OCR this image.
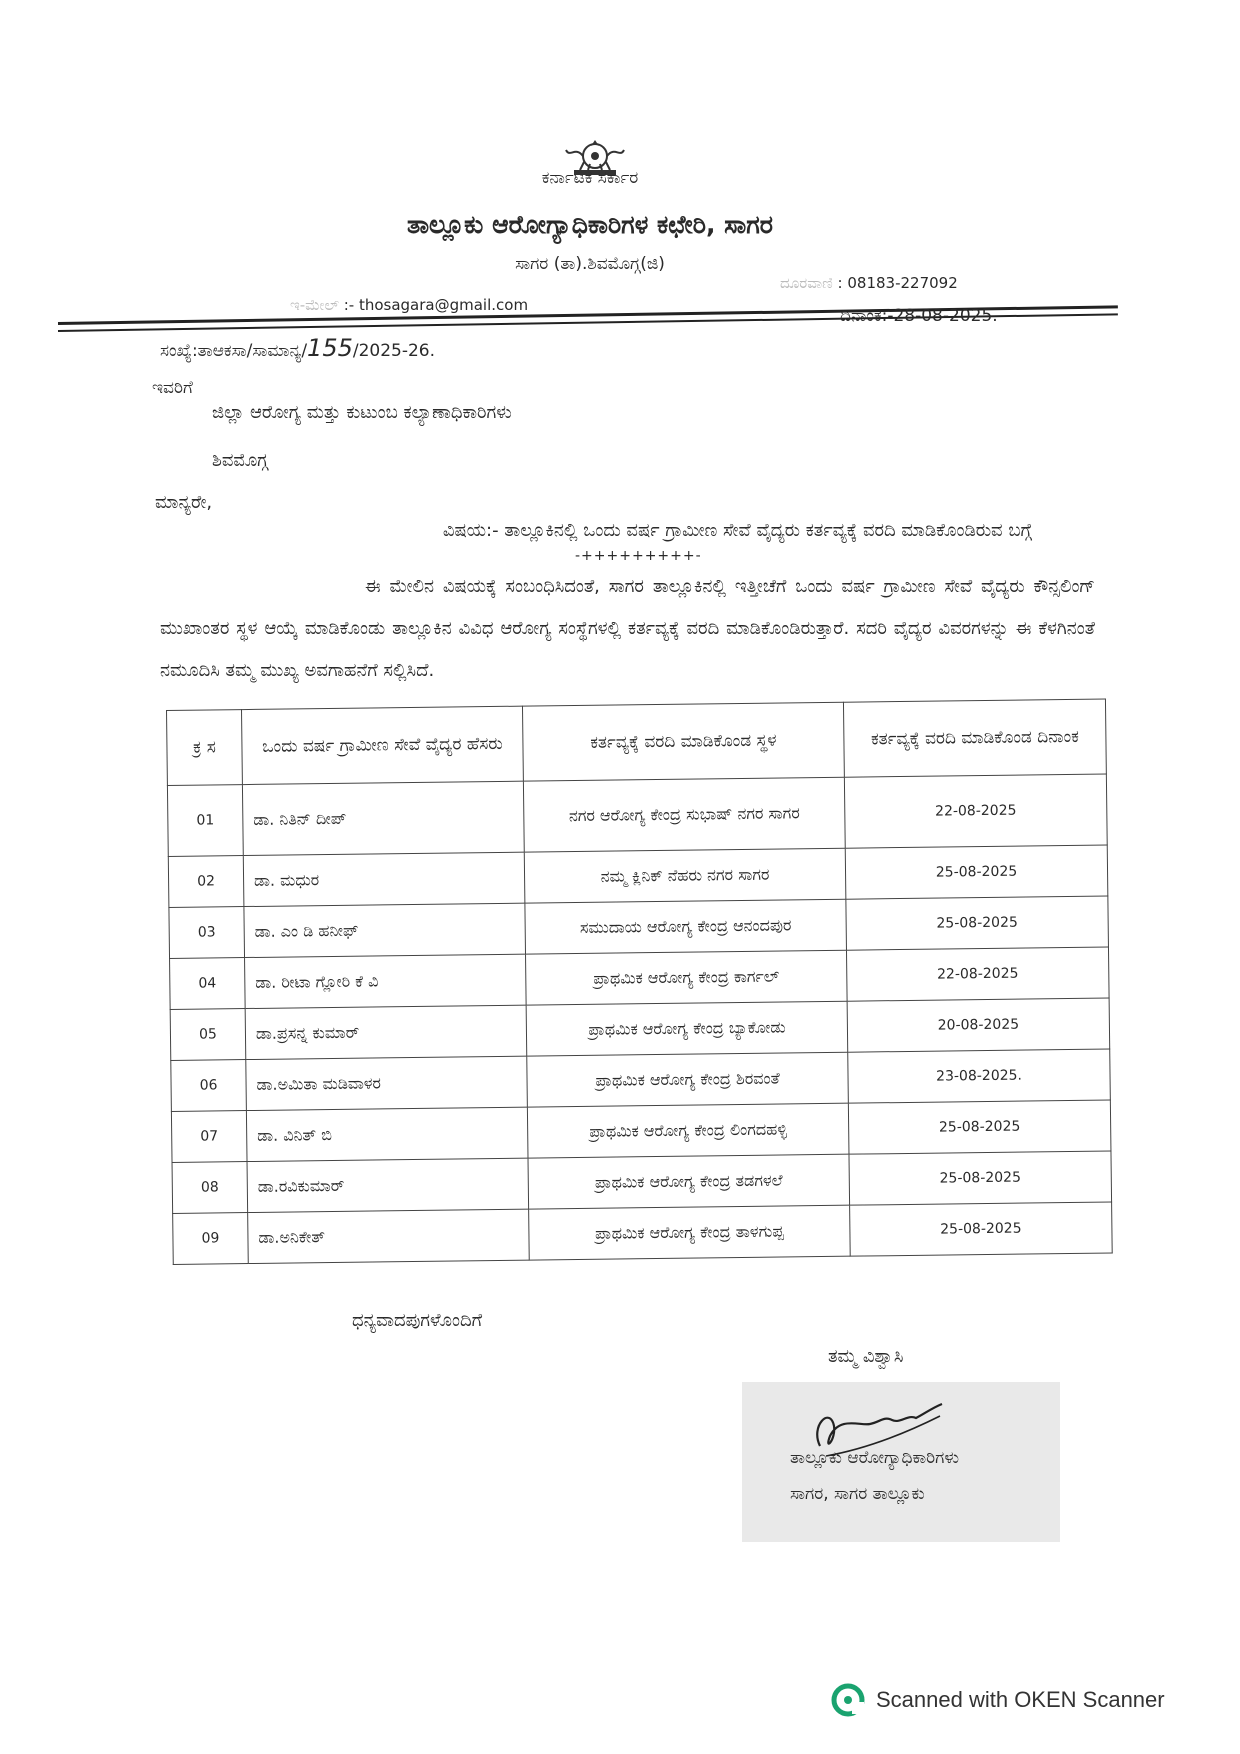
ಕರ್ನಾಟಕ ಸರ್ಕಾರ
ತಾಲ್ಲೂಕು ಆರೋಗ್ಯಾಧಿಕಾರಿಗಳ ಕಛೇರಿ, ಸಾಗರ
ಸಾಗರ (ತಾ).ಶಿವಮೊಗ್ಗ(ಜಿ)
ದೂರವಾಣಿ : 08183-227092
ಇ-ಮೇಲ್ :- thosagara@gmail.com
ಸಂಖ್ಯೆ:ತಾಆಕಸಾ/ಸಾಮಾನ್ಯ/155/2025-26.
ದಿನಾಂಕ:-28-08-2025.
ಇವರಿಗೆ
ಜಿಲ್ಲಾ ಆರೋಗ್ಯ ಮತ್ತು ಕುಟುಂಬ ಕಲ್ಯಾಣಾಧಿಕಾರಿಗಳು
ಶಿವಮೊಗ್ಗ
ಮಾನ್ಯರೇ,
ವಿಷಯ:- ತಾಲ್ಲೂಕಿನಲ್ಲಿ ಒಂದು ವರ್ಷ ಗ್ರಾಮೀಣ ಸೇವೆ ವೈದ್ಯರು ಕರ್ತವ್ಯಕ್ಕೆ ವರದಿ ಮಾಡಿಕೊಂಡಿರುವ ಬಗ್ಗೆ
-+++++++++-
ಈ ಮೇಲಿನ ವಿಷಯಕ್ಕೆ ಸಂಬಂಧಿಸಿದಂತೆ, ಸಾಗರ ತಾಲ್ಲೂಕಿನಲ್ಲಿ ಇತ್ತೀಚೆಗೆ ಒಂದು ವರ್ಷ ಗ್ರಾಮೀಣ ಸೇವೆ ವೈದ್ಯರು ಕೌನ್ಸಲಿಂಗ್ ಮುಖಾಂತರ ಸ್ಥಳ ಆಯ್ಕೆ ಮಾಡಿಕೊಂಡು ತಾಲ್ಲೂಕಿನ ವಿವಿಧ ಆರೋಗ್ಯ ಸಂಸ್ಥೆಗಳಲ್ಲಿ ಕರ್ತವ್ಯಕ್ಕೆ ವರದಿ ಮಾಡಿಕೊಂಡಿರುತ್ತಾರೆ. ಸದರಿ ವೈದ್ಯರ ವಿವರಗಳನ್ನು ಈ ಕೆಳಗಿನಂತೆ ನಮೂದಿಸಿ ತಮ್ಮ ಮುಖ್ಯ ಅವಗಾಹನೆಗೆ ಸಲ್ಲಿಸಿದೆ.
ಕ್ರ ಸ	ಒಂದು ವರ್ಷ ಗ್ರಾಮೀಣ ಸೇವೆ ವೈದ್ಯರ ಹೆಸರು	ಕರ್ತವ್ಯಕ್ಕೆ ವರದಿ ಮಾಡಿಕೊಂಡ ಸ್ಥಳ	ಕರ್ತವ್ಯಕ್ಕೆ ವರದಿ ಮಾಡಿಕೊಂಡ ದಿನಾಂಕ
01	ಡಾ. ನಿತಿನ್ ದೀಪ್	ನಗರ ಆರೋಗ್ಯ ಕೇಂದ್ರ ಸುಭಾಷ್ ನಗರ ಸಾಗರ	22-08-2025
02	ಡಾ. ಮಧುರ	ನಮ್ಮ ಕ್ಲಿನಿಕ್ ನೆಹರು ನಗರ ಸಾಗರ	25-08-2025
03	ಡಾ. ಎಂ ಡಿ ಹನೀಫ್	ಸಮುದಾಯ ಆರೋಗ್ಯ ಕೇಂದ್ರ ಆನಂದಪುರ	25-08-2025
04	ಡಾ. ರೀಟಾ ಗ್ಲೋರಿ ಕೆ ವಿ	ಪ್ರಾಥಮಿಕ ಆರೋಗ್ಯ ಕೇಂದ್ರ ಕಾರ್ಗಲ್	22-08-2025
05	ಡಾ.ಪ್ರಸನ್ನ ಕುಮಾರ್	ಪ್ರಾಥಮಿಕ ಆರೋಗ್ಯ ಕೇಂದ್ರ ಬ್ಯಾಕೋಡು	20-08-2025
06	ಡಾ.ಅಮಿತಾ ಮಡಿವಾಳರ	ಪ್ರಾಥಮಿಕ ಆರೋಗ್ಯ ಕೇಂದ್ರ ಶಿರವಂತೆ	23-08-2025.
07	ಡಾ. ವಿನಿತ್ ಬಿ	ಪ್ರಾಥಮಿಕ ಆರೋಗ್ಯ ಕೇಂದ್ರ ಲಿಂಗದಹಳ್ಳಿ	25-08-2025
08	ಡಾ.ರವಿಕುಮಾರ್	ಪ್ರಾಥಮಿಕ ಆರೋಗ್ಯ ಕೇಂದ್ರ ತಡಗಳಲೆ	25-08-2025
09	ಡಾ.ಅನಿಕೇತ್	ಪ್ರಾಥಮಿಕ ಆರೋಗ್ಯ ಕೇಂದ್ರ ತಾಳಗುಪ್ಪ	25-08-2025
ಧನ್ಯವಾದಪುಗಳೊಂದಿಗೆ
ತಮ್ಮ ವಿಶ್ವಾಸಿ
ತಾಲ್ಲೂಕು ಆರೋಗ್ಯಾಧಿಕಾರಿಗಳು
ಸಾಗರ, ಸಾಗರ ತಾಲ್ಲೂಕು
Scanned with OKEN Scanner
